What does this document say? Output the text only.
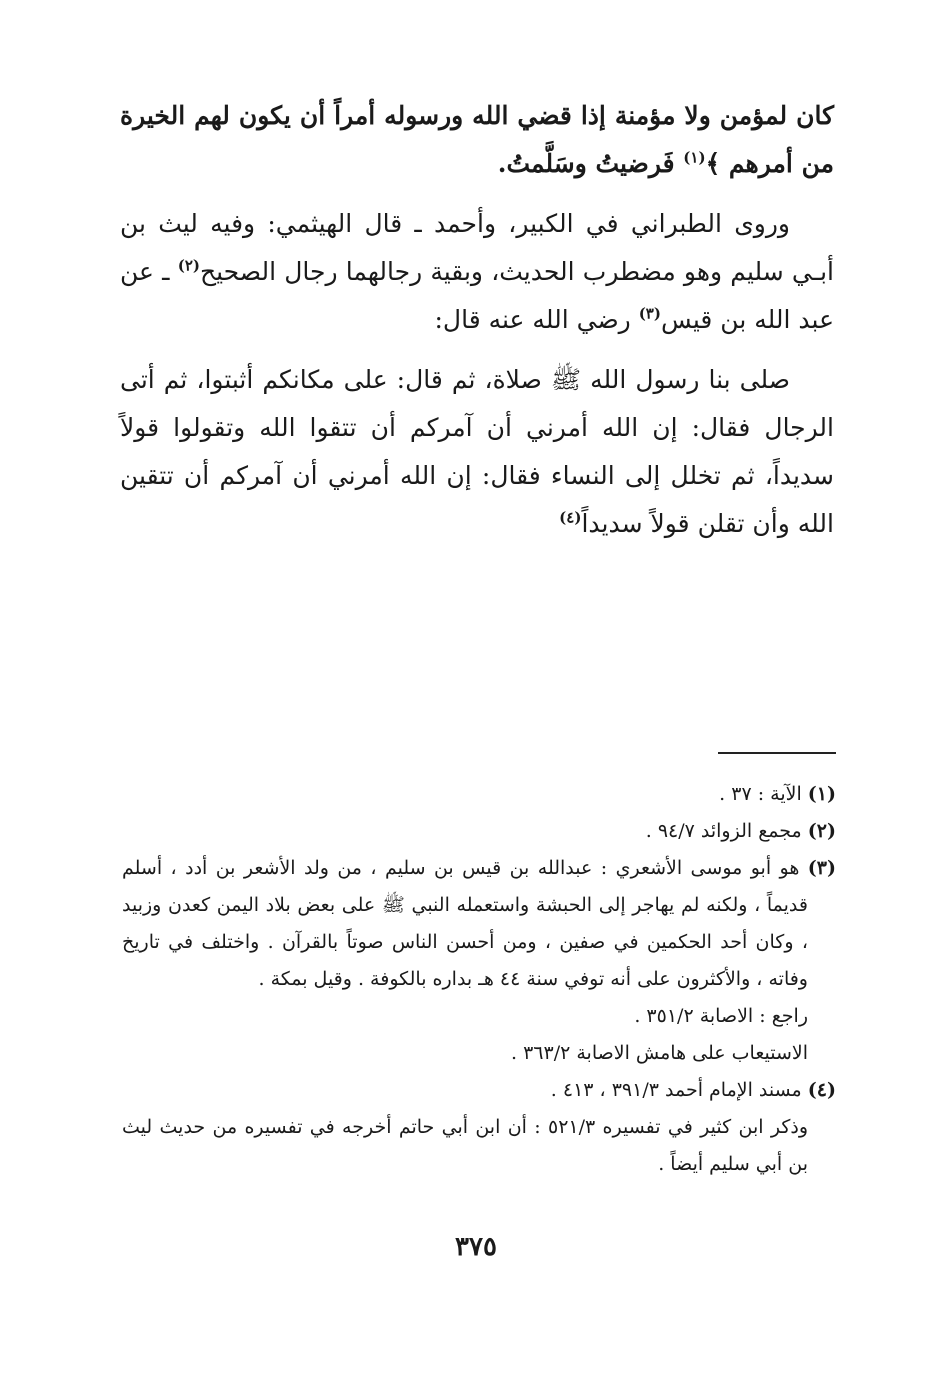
كان لمؤمن ولا مؤمنة إذا قضي الله ورسوله أمراً أن يكون لهم الخيرة من أمرهم ﴾$^{(١)}$ فَرضيتُ وسَلَّمتُ.

وروى الطبراني في الكبير، وأحمد ـ قال الهيثمي: وفيه ليث بن أبـي سليم وهو مضطرب الحديث، وبقية رجالهما رجال الصحيح$^{(٢)}$ ـ عن عبد الله بن قيس$^{(٣)}$ رضي الله عنه قال:

صلى بنا رسول الله ﷺ صلاة، ثم قال: على مكانكم أثبتوا، ثم أتى الرجال فقال: إن الله أمرني أن آمركم أن تتقوا الله وتقولوا قولاً سديداً، ثم تخلل إلى النساء فقال: إن الله أمرني أن آمركم أن تتقين الله وأن تقلن قولاً سديداً$^{(٤)}$

(١) الآية : ٣٧ .

(٢) مجمع الزوائد ٩٤/٧ .

(٣) هو أبو موسى الأشعري : عبدالله بن قيس بن سليم ، من ولد الأشعر بن أدد ، أسلم قديماً ، ولكنه لم يهاجر إلى الحبشة واستعمله النبي ﷺ على بعض بلاد اليمن كعدن وزبيد ، وكان أحد الحكمين في صفين ، ومن أحسن الناس صوتاً بالقرآن . واختلف في تاريخ وفاته ، والأكثرون على أنه توفي سنة ٤٤ هـ بداره بالكوفة . وقيل بمكة .

راجع : الاصابة ٣٥١/٢ .

الاستيعاب على هامش الاصابة ٣٦٣/٢ .

(٤) مسند الإمام أحمد ٣٩١/٣ ، ٤١٣ .

وذكر ابن كثير في تفسيره ٥٢١/٣ : أن ابن أبي حاتم أخرجه في تفسيره من حديث ليث بن أبي سليم أيضاً .

٣٧٥
